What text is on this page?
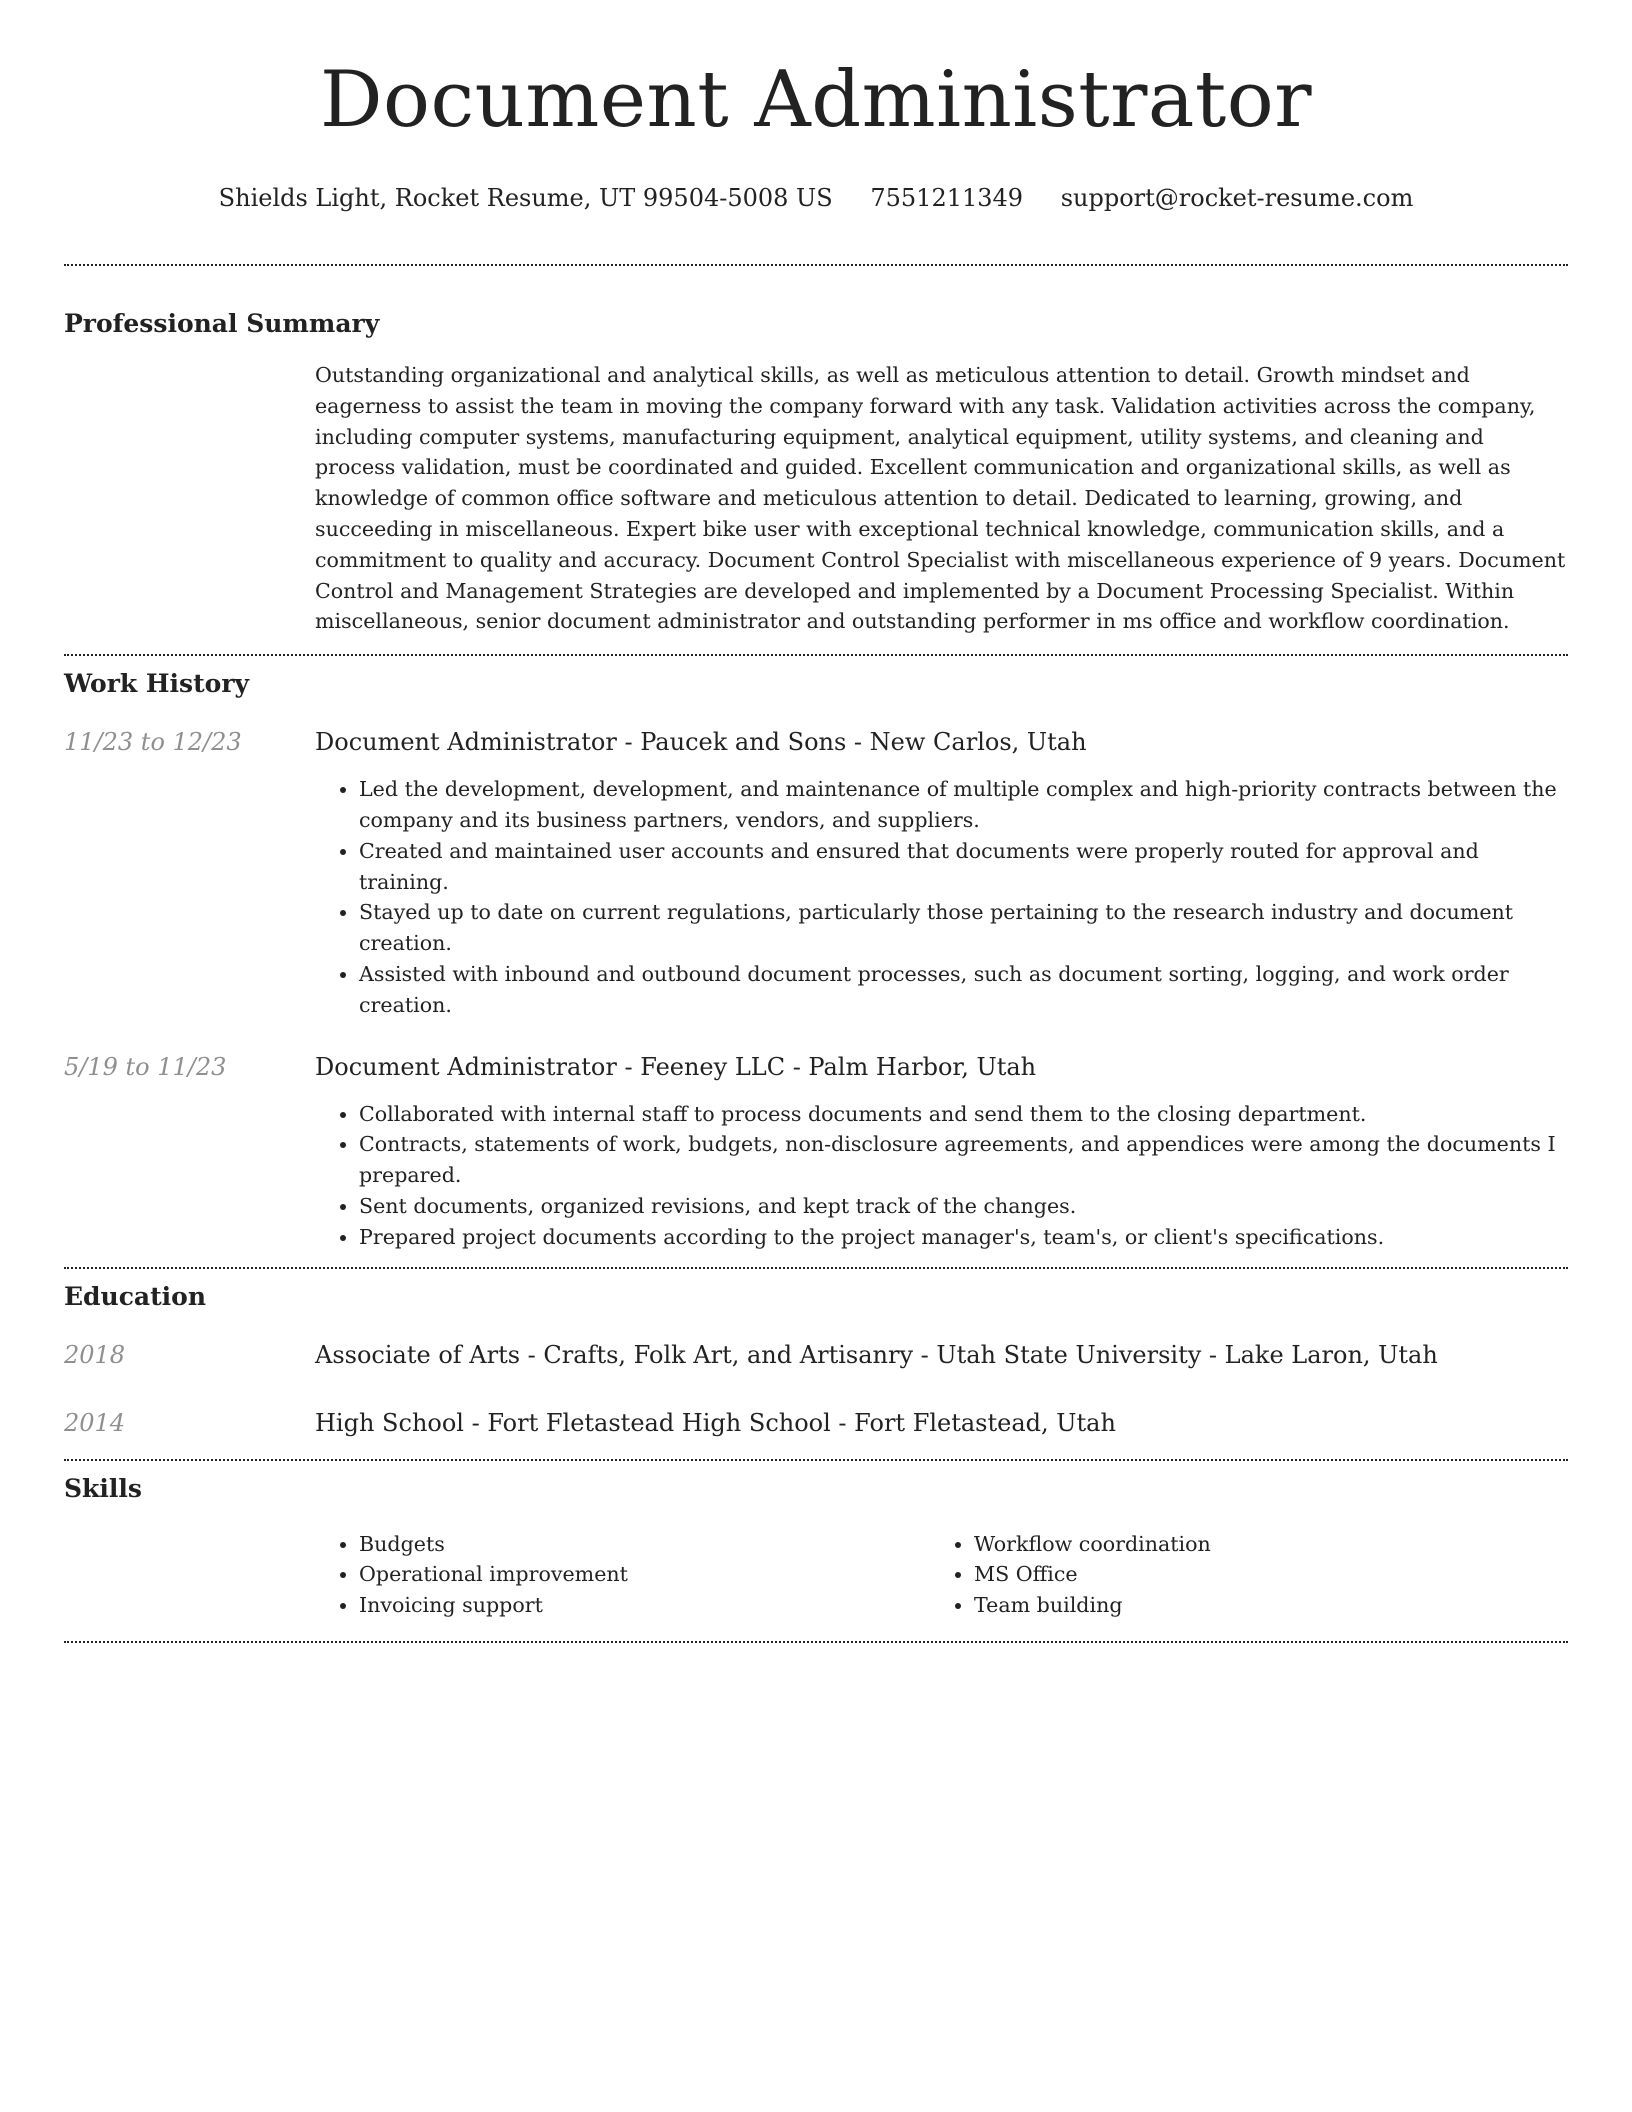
Document Administrator
Shields Light, Rocket Resume, UT 99504-5008 US 7551211349 support@rocket-resume.com
Professional Summary

Outstanding organizational and analytical skills, as well as meticulous attention to detail. Growth mindset and eagerness to assist the team in moving the company forward with any task. Validation activities across the company, including computer systems, manufacturing equipment, analytical equipment, utility systems, and cleaning and process validation, must be coordinated and guided. Excellent communication and organizational skills, as well as knowledge of common office software and meticulous attention to detail. Dedicated to learning, growing, and succeeding in miscellaneous. Expert bike user with exceptional technical knowledge, communication skills, and a commitment to quality and accuracy. Document Control Specialist with miscellaneous experience of 9 years. Document Control and Management Strategies are developed and implemented by a Document Processing Specialist. Within miscellaneous, senior document administrator and outstanding performer in ms office and workflow coordination.

Work History
11/23 to 12/23	Document Administrator - Paucek and Sons - New Carlos, Utah
• Led the development, development, and maintenance of multiple complex and high-priority contracts between the company and its business partners, vendors, and suppliers.
• Created and maintained user accounts and ensured that documents were properly routed for approval and training.
• Stayed up to date on current regulations, particularly those pertaining to the research industry and document creation.
• Assisted with inbound and outbound document processes, such as document sorting, logging, and work order creation.
5/19 to 11/23	Document Administrator - Feeney LLC - Palm Harbor, Utah
• Collaborated with internal staff to process documents and send them to the closing department.
• Contracts, statements of work, budgets, non-disclosure agreements, and appendices were among the documents I prepared.
• Sent documents, organized revisions, and kept track of the changes.
• Prepared project documents according to the project manager's, team's, or client's specifications.
Education
2018	Associate of Arts - Crafts, Folk Art, and Artisanry - Utah State University - Lake Laron, Utah
2014	High School - Fort Fletastead High School - Fort Fletastead, Utah
Skills
• Budgets
• Operational improvement
• Invoicing support
• Workflow coordination
• MS Office
• Team building
